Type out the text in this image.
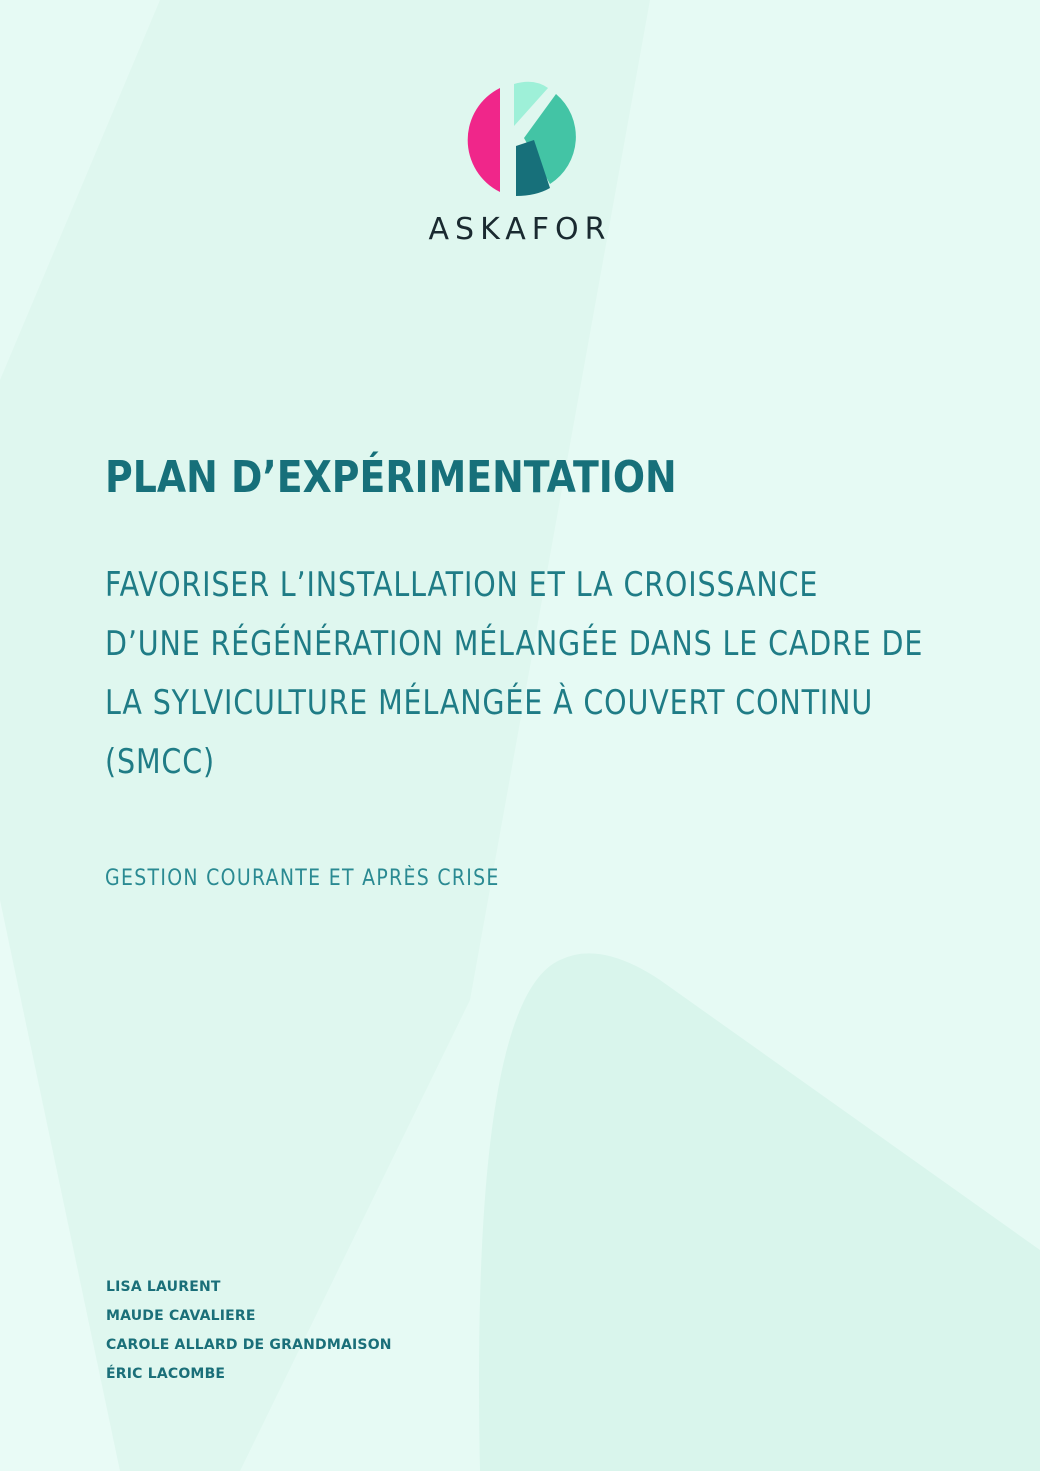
ASKAFOR
PLAN D’EXPÉRIMENTATION
FAVORISER L’INSTALLATION ET LA CROISSANCE
D’UNE RÉGÉNÉRATION MÉLANGÉE DANS LE CADRE DE
LA SYLVICULTURE MÉLANGÉE À COUVERT CONTINU
(SMCC)
GESTION COURANTE ET APRÈS CRISE
LISA LAURENT
MAUDE CAVALIERE
CAROLE ALLARD DE GRANDMAISON
ÉRIC LACOMBE
